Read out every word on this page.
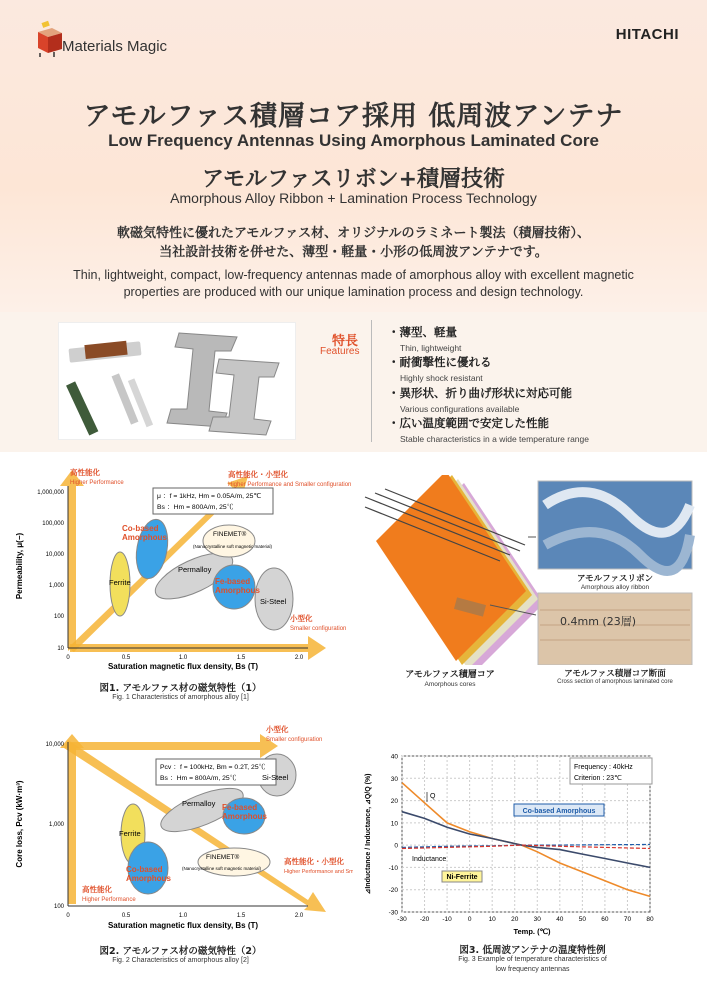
Materials Magic
HITACHI
アモルファス積層コア採用 低周波アンテナ
Low Frequency Antennas Using Amorphous Laminated Core
アモルファスリボン+積層技術
Amorphous Alloy Ribbon + Lamination Process Technology
軟磁気特性に優れたアモルファス材、オリジナルのラミネート製法（積層技術）、
当社設計技術を併せた、薄型・軽量・小形の低周波アンテナです。
Thin, lightweight, compact, low-frequency antennas made of amorphous alloy with excellent magnetic
properties are produced with our unique lamination process and design technology.
特長
Features
・薄型、軽量
Thin, lightweight
・耐衝撃性に優れる
Highly shock resistant
・異形状、折り曲げ形状に対応可能
Various configurations available
・広い温度範囲で安定した性能
Stable characteristics in a wide temperature range
μ ：f = 1kHz, Hm = 0.05A/m, 25℃
Bs ：Hm = 800A/m, 25℃
高性能化
Higher Performance
高性能化・小型化
Higher Performance and Smaller configuration
小型化
Smaller configuration
Co-based
Amorphous
Ferrite
Permalloy
FINEMET®
(Nanocrystalline soft magnetic material)
Fe-based
Amorphous
Si-Steel
1,000,000
100,000
10,000
1,000
100
10
0	0.5	1.0	1.5	2.0
Saturation magnetic flux density, Bs (T)
Permeability, μ(−)
図1. アモルファス材の磁気特性（1）
Fig. 1 Characteristics of amorphous alloy [1]
0.4mm (23層)
アモルファスリボン
Amorphous alloy ribbon
アモルファス積層コア断面
Cross section of amorphous laminated core
アモルファス積層コア
Amorphous cores
Pcv ：f = 100kHz, Bm = 0.2T, 25℃
Bs ：Hm = 800A/m, 25℃
小型化
Smaller configuration
高性能化・小型化
Higher Performance and Sm
高性能化
Higher Performance
Ferrite
Co-based
Amorphous
Permalloy Fe-based
Amorphous
Si-Steel
FINEMET®
(Nanocrystalline soft magnetic material)
10,000
1,000
100
0	0.5	1.0	1.5	2.0
Saturation magnetic flux density, Bs (T)
Core loss, Pcv (kW·m³)
図2. アモルファス材の磁気特性（2）
Fig. 2 Characteristics of amorphous alloy [2]
-30 -20 -10 0	10 20 30 40 50 60 70 80
40
30
20
10
0
-10
-20
-30
Frequency : 40kHz
Criterion : 23℃
Q
Inductance
Co-based Amorphous
Ni-Ferrite
Temp. (℃)
⊿Inductance / Inductance, ⊿Q/Q (%)
図3. 低周波アンテナの温度特性例
Fig. 3 Example of temperature characteristics of
low frequency antennas
